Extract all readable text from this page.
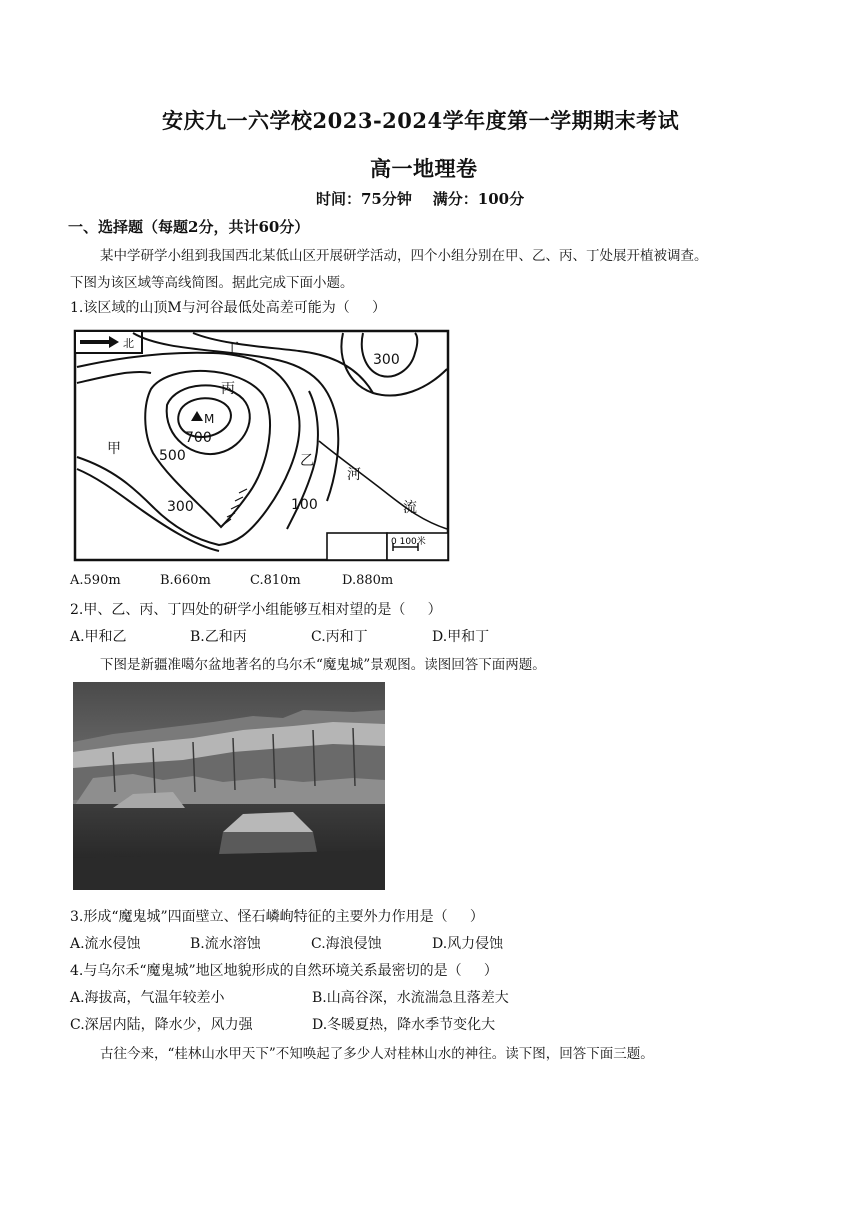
安庆九一六学校2023-2024学年度第一学期期末考试
高一地理卷
时间：75分钟    满分：100分
一、选择题（每题2分，共计60分）
某中学研学小组到我国西北某低山区开展研学活动，四个小组分别在甲、乙、丙、丁处展开植被调查。
下图为该区域等高线简图。据此完成下面小题。
1.该区域的山顶M与河谷最低处高差可能为（     ）
北
0 100米
丁
丙
M
700
甲	500	乙
河
300	100	流
300
A.590m	B.660m	C.810m	D.880m
2.甲、乙、丙、丁四处的研学小组能够互相对望的是（     ）
A.甲和乙	B.乙和丙	C.丙和丁	D.甲和丁
下图是新疆准噶尔盆地著名的乌尔禾“魔鬼城”景观图。读图回答下面两题。
3.形成“魔鬼城”四面壁立、怪石嶙峋特征的主要外力作用是（     ）
A.流水侵蚀	B.流水溶蚀	C.海浪侵蚀	D.风力侵蚀
4.与乌尔禾“魔鬼城”地区地貌形成的自然环境关系最密切的是（     ）
A.海拔高，气温年较差小	B.山高谷深，水流湍急且落差大
C.深居内陆，降水少，风力强	D.冬暖夏热，降水季节变化大
古往今来，“桂林山水甲天下”不知唤起了多少人对桂林山水的神往。读下图，回答下面三题。
